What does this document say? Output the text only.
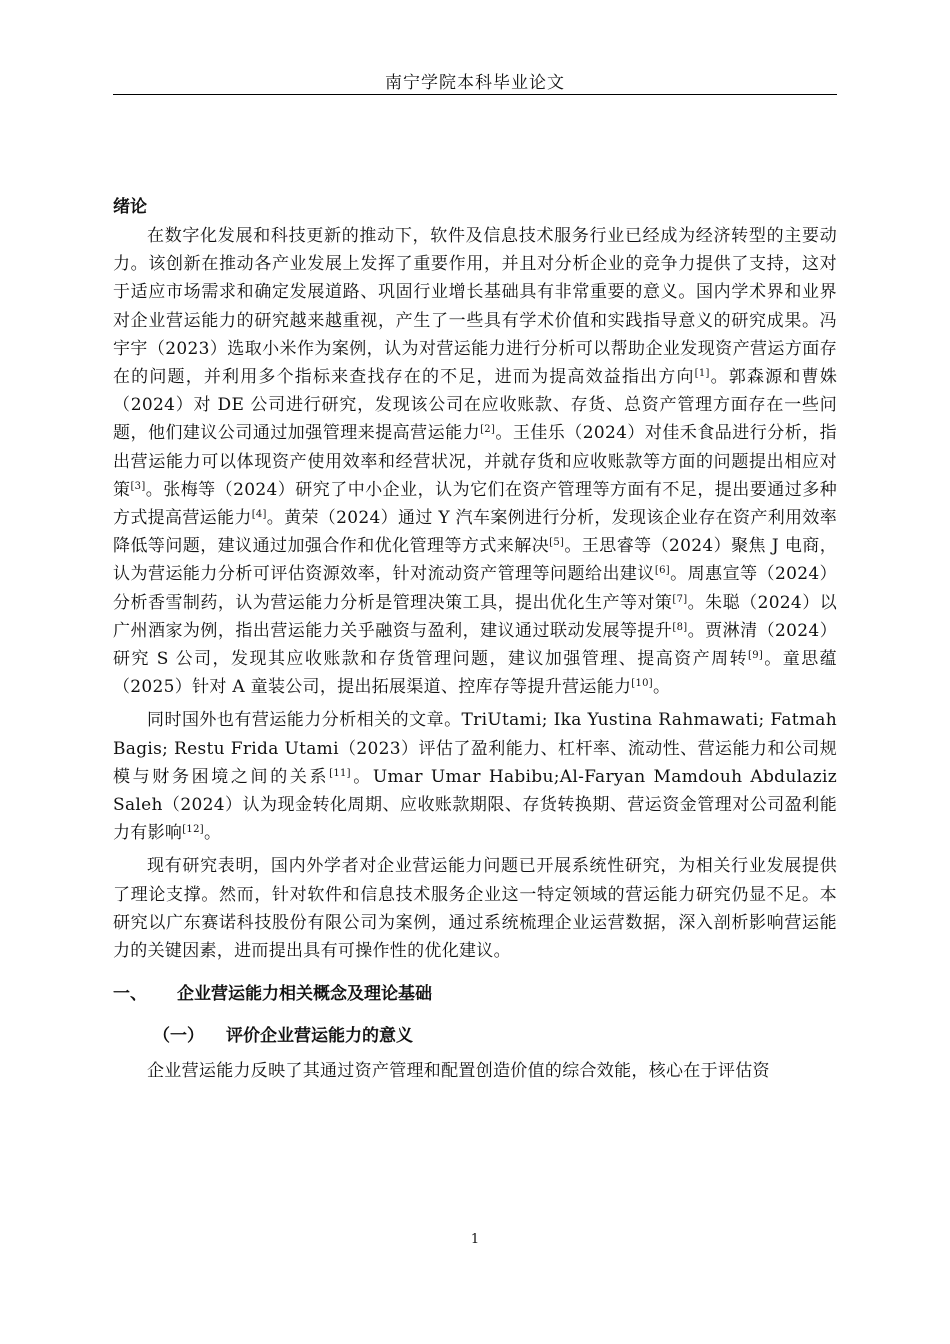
南宁学院本科毕业论文
绪论

在数字化发展和科技更新的推动下，软件及信息技术服务行业已经成为经济转型的主要动力。该创新在推动各产业发展上发挥了重要作用，并且对分析企业的竞争力提供了支持，这对于适应市场需求和确定发展道路、巩固行业增长基础具有非常重要的意义。国内学术界和业界对企业营运能力的研究越来越重视，产生了一些具有学术价值和实践指导意义的研究成果。冯宇宇（2023）选取小米作为案例，认为对营运能力进行分析可以帮助企业发现资产营运方面存在的问题，并利用多个指标来查找存在的不足，进而为提高效益指出方向[1]。郭森源和曹姝（2024）对 DE 公司进行研究，发现该公司在应收账款、存货、总资产管理方面存在一些问题，他们建议公司通过加强管理来提高营运能力[2]。王佳乐（2024）对佳禾食品进行分析，指出营运能力可以体现资产使用效率和经营状况，并就存货和应收账款等方面的问题提出相应对策[3]。张梅等（2024）研究了中小企业，认为它们在资产管理等方面有不足，提出要通过多种方式提高营运能力[4]。黄荣（2024）通过 Y 汽车案例进行分析，发现该企业存在资产利用效率降低等问题，建议通过加强合作和优化管理等方式来解决[5]。王思睿等（2024）聚焦 J 电商，认为营运能力分析可评估资源效率，针对流动资产管理等问题给出建议[6]。周惠宣等（2024）分析香雪制药，认为营运能力分析是管理决策工具，提出优化生产等对策[7]。朱聪（2024）以广州酒家为例，指出营运能力关乎融资与盈利，建议通过联动发展等提升[8]。贾淋清（2024）研究 S 公司，发现其应收账款和存货管理问题，建议加强管理、提高资产周转[9]。童思蕴（2025）针对 A 童装公司，提出拓展渠道、控库存等提升营运能力[10]。

同时国外也有营运能力分析相关的文章。TriUtami; Ika Yustina Rahmawati; Fatmah Bagis; Restu Frida Utami（2023）评估了盈利能力、杠杆率、流动性、营运能力和公司规模与财务困境之间的关系[11]。Umar Umar Habibu;Al-Faryan Mamdouh Abdulaziz Saleh（2024）认为现金转化周期、应收账款期限、存货转换期、营运资金管理对公司盈利能力有影响[12]。

现有研究表明，国内外学者对企业营运能力问题已开展系统性研究，为相关行业发展提供了理论支撑。然而，针对软件和信息技术服务企业这一特定领域的营运能力研究仍显不足。本研究以广东赛诺科技股份有限公司为案例，通过系统梳理企业运营数据，深入剖析影响营运能力的关键因素，进而提出具有可操作性的优化建议。

一、 企业营运能力相关概念及理论基础
（一） 评价企业营运能力的意义

企业营运能力反映了其通过资产管理和配置创造价值的综合效能，核心在于评估资

1
